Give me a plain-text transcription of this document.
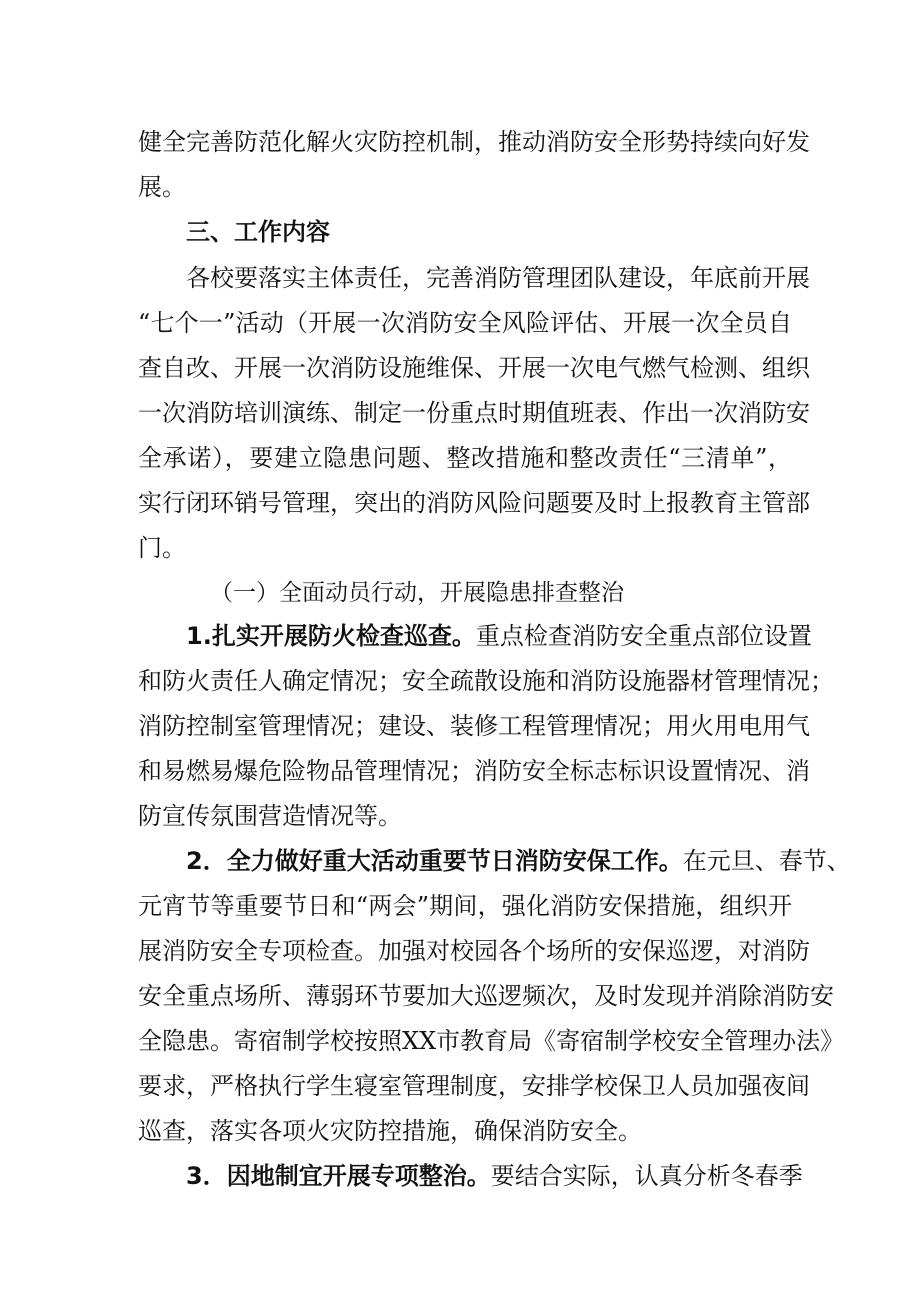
健全完善防范化解火灾防控机制，推动消防安全形势持续向好发
展。
三、工作内容
各校要落实主体责任，完善消防管理团队建设，年底前开展
“七个一”活动（开展一次消防安全风险评估、开展一次全员自
查自改、开展一次消防设施维保、开展一次电气燃气检测、组织
一次消防培训演练、制定一份重点时期值班表、作出一次消防安
全承诺），要建立隐患问题、整改措施和整改责任“三清单”，
实行闭环销号管理，突出的消防风险问题要及时上报教育主管部
门。
（一）全面动员行动，开展隐患排查整治
1.扎实开展防火检查巡查。重点检查消防安全重点部位设置
和防火责任人确定情况；安全疏散设施和消防设施器材管理情况；
消防控制室管理情况；建设、装修工程管理情况；用火用电用气
和易燃易爆危险物品管理情况；消防安全标志标识设置情况、消
防宣传氛围营造情况等。
2．全力做好重大活动重要节日消防安保工作。在元旦、春节、
元宵节等重要节日和“两会”期间，强化消防安保措施，组织开
展消防安全专项检查。加强对校园各个场所的安保巡逻，对消防
安全重点场所、薄弱环节要加大巡逻频次，及时发现并消除消防安
全隐患。寄宿制学校按照XX市教育局《寄宿制学校安全管理办法》
要求，严格执行学生寝室管理制度，安排学校保卫人员加强夜间
巡查，落实各项火灾防控措施，确保消防安全。
3．因地制宜开展专项整治。要结合实际，认真分析冬春季
